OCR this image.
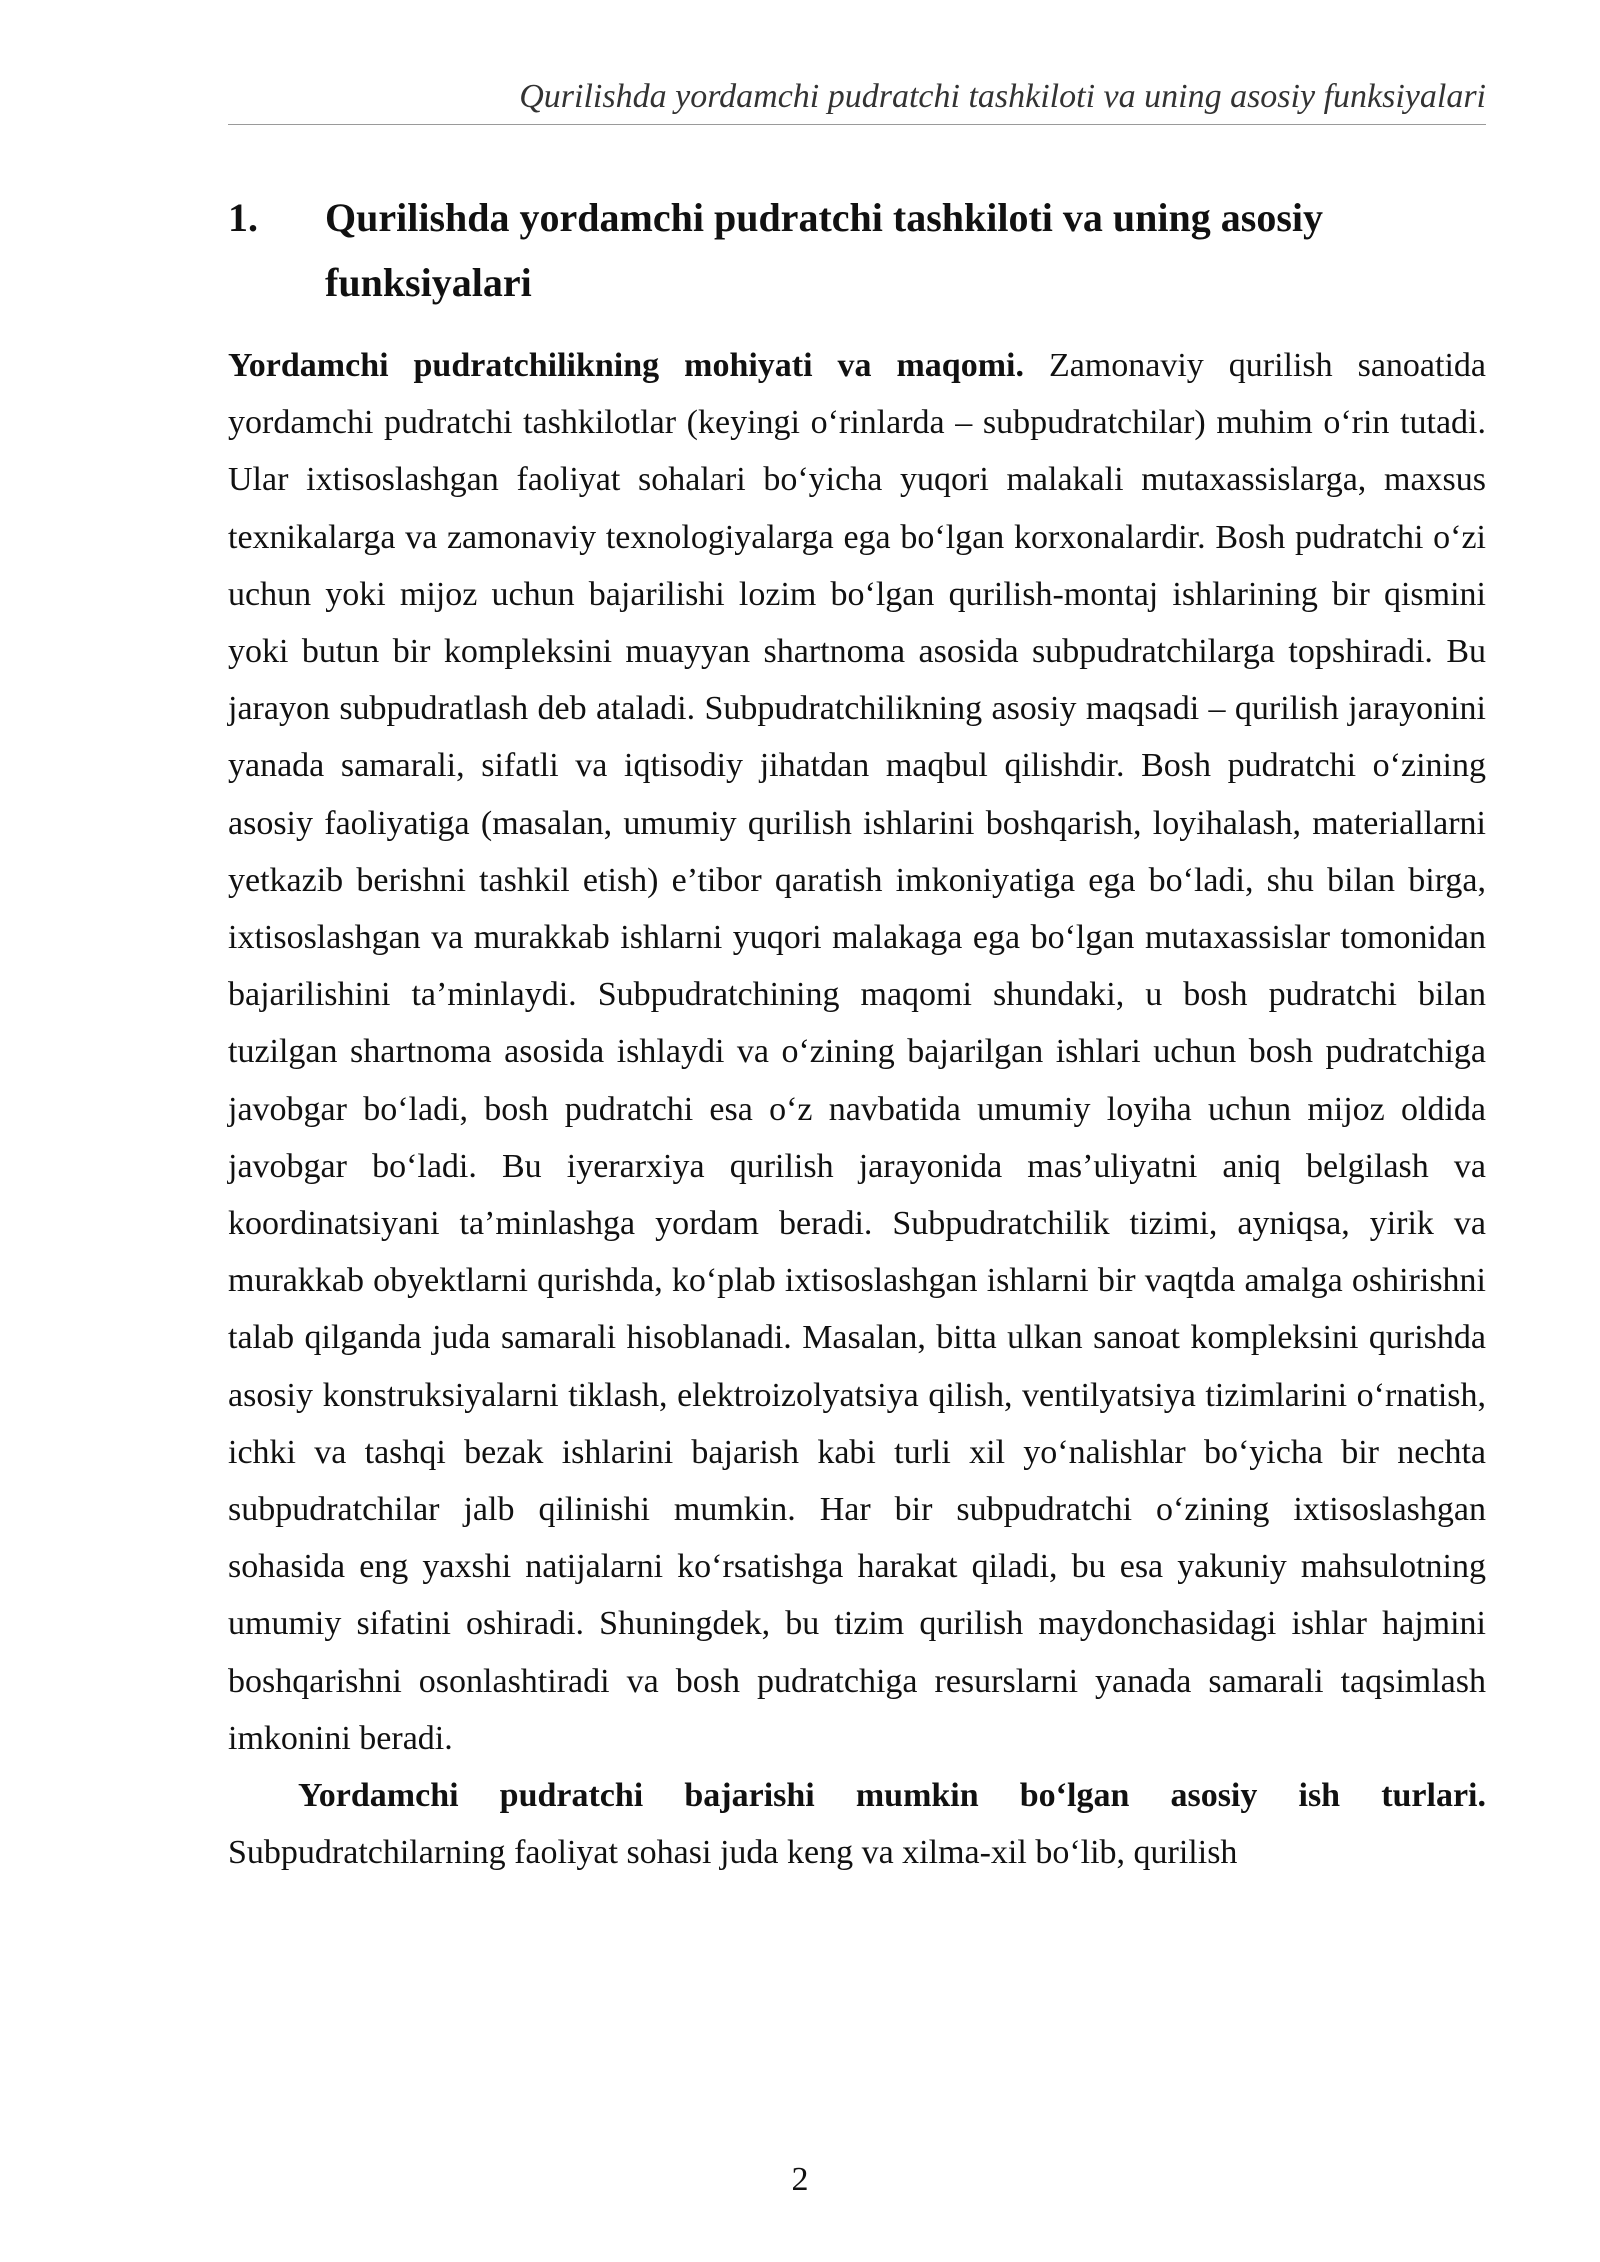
Qurilishda yordamchi pudratchi tashkiloti va uning asosiy funksiyalari
1.	Qurilishda yordamchi pudratchi tashkiloti va uning asosiy funksiyalari

Yordamchi pudratchilikning mohiyati va maqomi. Zamonaviy qurilish sanoatida yordamchi pudratchi tashkilotlar (keyingi o‘rinlarda – subpudratchilar) muhim o‘rin tutadi. Ular ixtisoslashgan faoliyat sohalari bo‘yicha yuqori malakali mutaxassislarga, maxsus texnikalarga va zamonaviy texnologiyalarga ega bo‘lgan korxonalardir. Bosh pudratchi o‘zi uchun yoki mijoz uchun bajarilishi lozim bo‘lgan qurilish-montaj ishlarining bir qismini yoki butun bir kompleksini muayyan shartnoma asosida subpudratchilarga topshiradi. Bu jarayon subpudratlash deb ataladi. Subpudratchilikning asosiy maqsadi – qurilish jarayonini yanada samarali, sifatli va iqtisodiy jihatdan maqbul qilishdir. Bosh pudratchi o‘zining asosiy faoliyatiga (masalan, umumiy qurilish ishlarini boshqarish, loyihalash, materiallarni yetkazib berishni tashkil etish) e’tibor qaratish imkoniyatiga ega bo‘ladi, shu bilan birga, ixtisoslashgan va murakkab ishlarni yuqori malakaga ega bo‘lgan mutaxassislar tomonidan bajarilishini ta’minlaydi. Subpudratchining maqomi shundaki, u bosh pudratchi bilan tuzilgan shartnoma asosida ishlaydi va o‘zining bajarilgan ishlari uchun bosh pudratchiga javobgar bo‘ladi, bosh pudratchi esa o‘z navbatida umumiy loyiha uchun mijoz oldida javobgar bo‘ladi. Bu iyerarxiya qurilish jarayonida mas’uliyatni aniq belgilash va koordinatsiyani ta’minlashga yordam beradi. Subpudratchilik tizimi, ayniqsa, yirik va murakkab obyektlarni qurishda, ko‘plab ixtisoslashgan ishlarni bir vaqtda amalga oshirishni talab qilganda juda samarali hisoblanadi. Masalan, bitta ulkan sanoat kompleksini qurishda asosiy konstruksiyalarni tiklash, elektroizolyatsiya qilish, ventilyatsiya tizimlarini o‘rnatish, ichki va tashqi bezak ishlarini bajarish kabi turli xil yo‘nalishlar bo‘yicha bir nechta subpudratchilar jalb qilinishi mumkin. Har bir subpudratchi o‘zining ixtisoslashgan sohasida eng yaxshi natijalarni ko‘rsatishga harakat qiladi, bu esa yakuniy mahsulotning umumiy sifatini oshiradi. Shuningdek, bu tizim qurilish maydonchasidagi ishlar hajmini boshqarishni osonlashtiradi va bosh pudratchiga resurslarni yanada samarali taqsimlash imkonini beradi.

Yordamchi pudratchi bajarishi mumkin bo‘lgan asosiy ish turlari. Subpudratchilarning faoliyat sohasi juda keng va xilma-xil bo‘lib, qurilish

2
